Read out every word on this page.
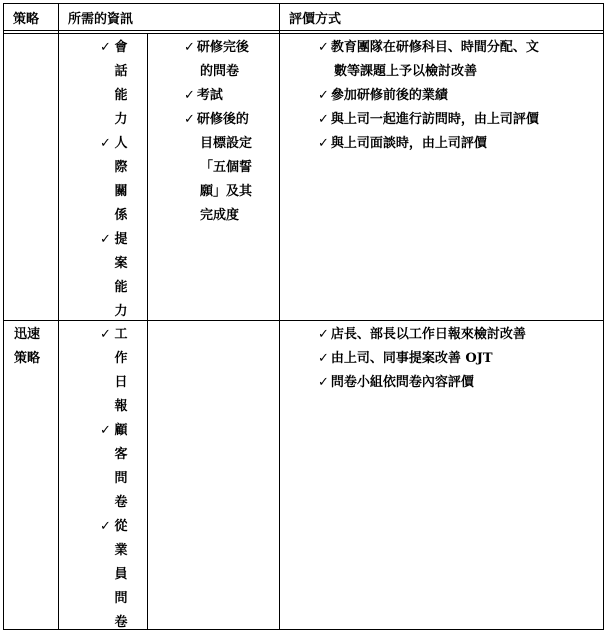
策略 所需的資訊	評價方式
會
✓
話
能
力
人
✓
際
關
係
提
✓
案
能
力
✓ 研修完後
的問卷
✓ 考試
✓ 研修後的
目標設定
「五個誓
願」及其
完成度
✓ 教育團隊在研修科目、時間分配、文
數等課題上予以檢討改善
✓ 參加研修前後的業績
✓ 與上司一起進行訪問時，由上司評價
✓ 與上司面談時，由上司評價
迅速
策略
工
✓
作
日
報
顧
✓
客
問
卷
從
✓
業
員
問
卷
✓ 店長、部長以工作日報來檢討改善
✓ 由上司、同事提案改善 OJT
✓ 問卷小組依問卷內容評價
